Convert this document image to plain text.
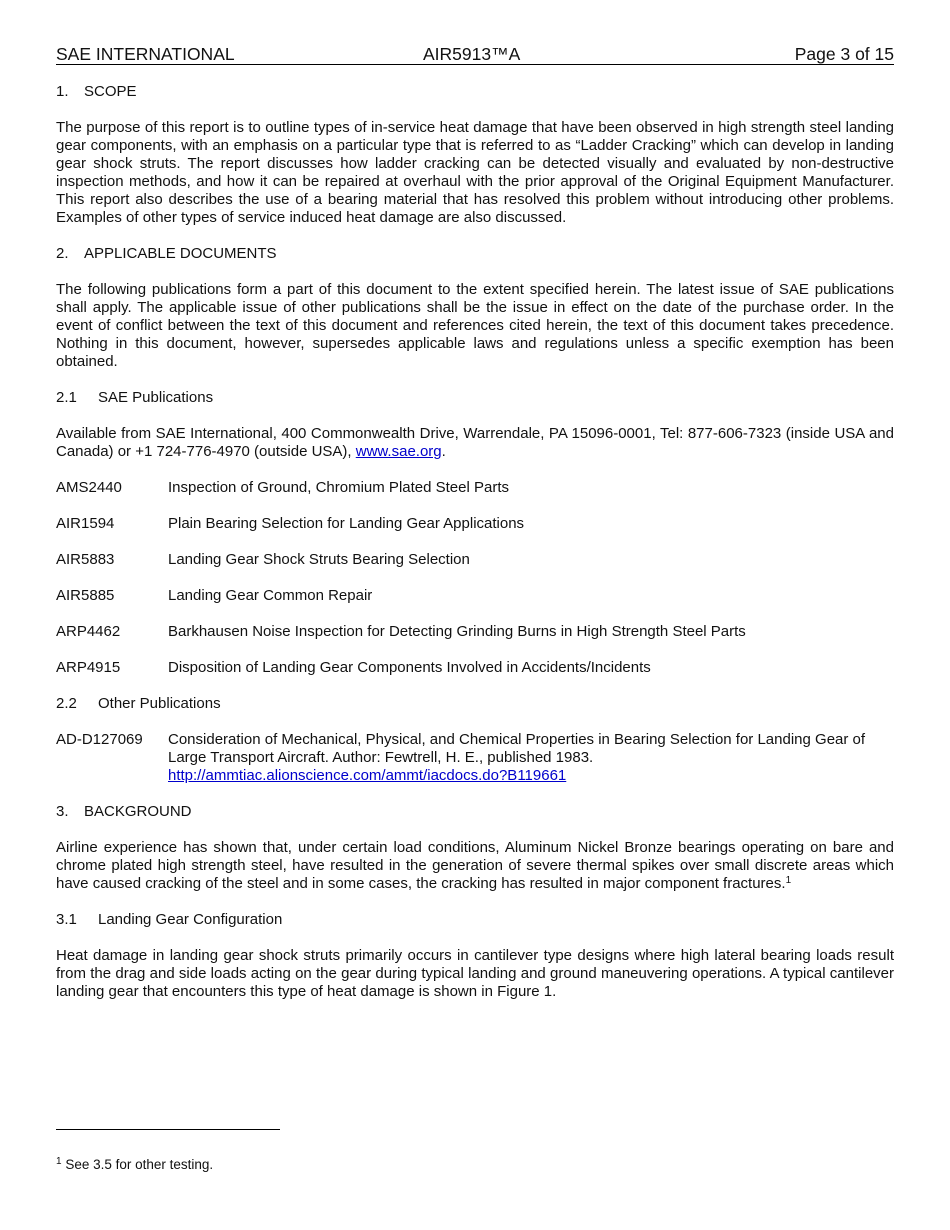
SAE INTERNATIONAL	AIR5913™A	Page 3 of 15

1. SCOPE

The purpose of this report is to outline types of in-service heat damage that have been observed in high strength steel landing gear components, with an emphasis on a particular type that is referred to as “Ladder Cracking” which can develop in landing gear shock struts. The report discusses how ladder cracking can be detected visually and evaluated by non-destructive inspection methods, and how it can be repaired at overhaul with the prior approval of the Original Equipment Manufacturer. This report also describes the use of a bearing material that has resolved this problem without introducing other problems. Examples of other types of service induced heat damage are also discussed.

2. APPLICABLE DOCUMENTS

The following publications form a part of this document to the extent specified herein. The latest issue of SAE publications shall apply. The applicable issue of other publications shall be the issue in effect on the date of the purchase order. In the event of conflict between the text of this document and references cited herein, the text of this document takes precedence. Nothing in this document, however, supersedes applicable laws and regulations unless a specific exemption has been obtained.

2.1 SAE Publications

Available from SAE International, 400 Commonwealth Drive, Warrendale, PA 15096-0001, Tel: 877-606-7323 (inside USA and Canada) or +1 724-776-4970 (outside USA), www.sae.org.

AMS2440	Inspection of Ground, Chromium Plated Steel Parts
AIR1594	Plain Bearing Selection for Landing Gear Applications
AIR5883	Landing Gear Shock Struts Bearing Selection
AIR5885	Landing Gear Common Repair
ARP4462	Barkhausen Noise Inspection for Detecting Grinding Burns in High Strength Steel Parts
ARP4915	Disposition of Landing Gear Components Involved in Accidents/Incidents

2.2 Other Publications

AD-D127069	Consideration of Mechanical, Physical, and Chemical Properties in Bearing Selection for Landing Gear of Large Transport Aircraft. Author: Fewtrell, H. E., published 1983.
http://ammtiac.alionscience.com/ammt/iacdocs.do?B119661

3. BACKGROUND

Airline experience has shown that, under certain load conditions, Aluminum Nickel Bronze bearings operating on bare and chrome plated high strength steel, have resulted in the generation of severe thermal spikes over small discrete areas which have caused cracking of the steel and in some cases, the cracking has resulted in major component fractures.$^1$

3.1 Landing Gear Configuration

Heat damage in landing gear shock struts primarily occurs in cantilever type designs where high lateral bearing loads result from the drag and side loads acting on the gear during typical landing and ground maneuvering operations. A typical cantilever landing gear that encounters this type of heat damage is shown in Figure 1.

$^1$ See 3.5 for other testing.
